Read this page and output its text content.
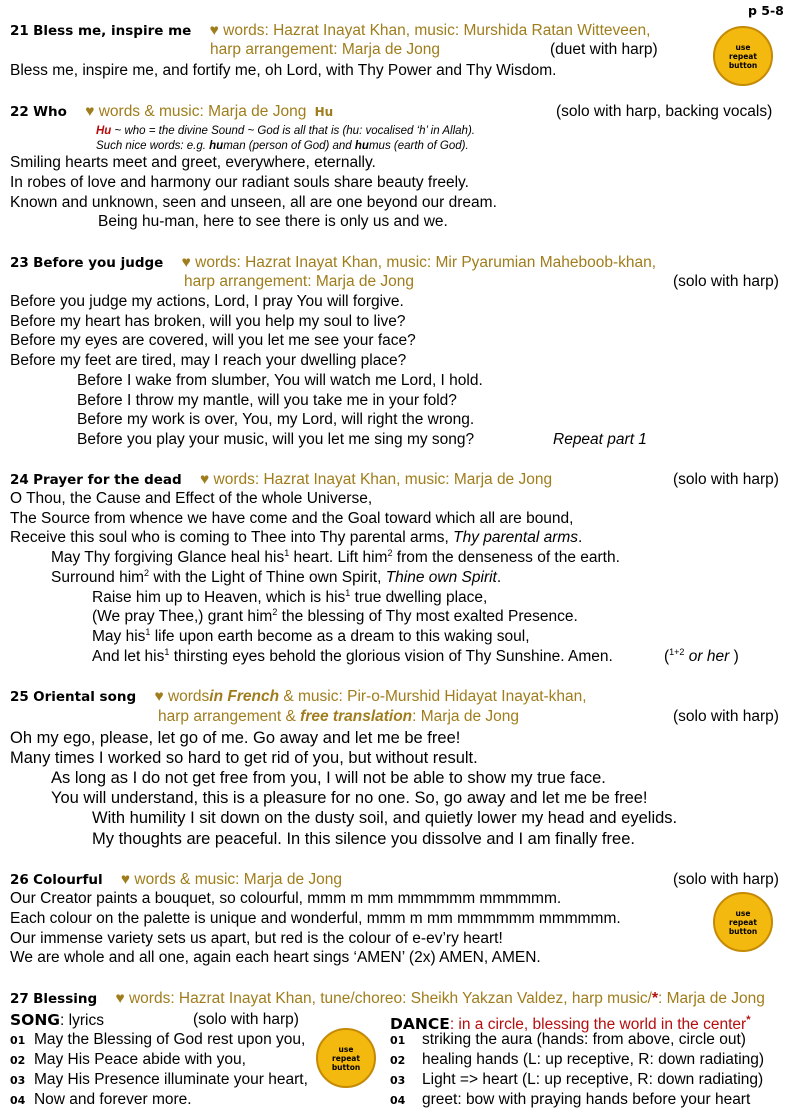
p 5-8
use repeat button
use repeat button
use repeat button
21 Bless me, inspire me ♥ words: Hazrat Inayat Khan, music: Murshida Ratan Witteveen,
harp arrangement: Marja de Jong	(duet with harp)
Bless me, inspire me, and fortify me, oh Lord, with Thy Power and Thy Wisdom.
22 Who ♥ words & music: Marja de Jong Hu	(solo with harp, backing vocals)
Hu ~ who = the divine Sound ~ God is all that is (hu: vocalised ‘h’ in Allah).
Such nice words: e.g. human (person of God) and humus (earth of God).
Smiling hearts meet and greet, everywhere, eternally.
In robes of love and harmony our radiant souls share beauty freely.
Known and unknown, seen and unseen, all are one beyond our dream.
Being hu-man, here to see there is only us and we.
23 Before you judge ♥ words: Hazrat Inayat Khan, music: Mir Pyarumian Maheboob-khan,
harp arrangement: Marja de Jong	(solo with harp)
Before you judge my actions, Lord, I pray You will forgive.
Before my heart has broken, will you help my soul to live?
Before my eyes are covered, will you let me see your face?
Before my feet are tired, may I reach your dwelling place?
Before I wake from slumber, You will watch me Lord, I hold.
Before I throw my mantle, will you take me in your fold?
Before my work is over, You, my Lord, will right the wrong.
Before you play your music, will you let me sing my song?	Repeat part 1
24 Prayer for the dead ♥ words: Hazrat Inayat Khan, music: Marja de Jong	(solo with harp)
O Thou, the Cause and Effect of the whole Universe,
The Source from whence we have come and the Goal toward which all are bound,
Receive this soul who is coming to Thee into Thy parental arms, Thy parental arms.
May Thy forgiving Glance heal his$^1$ heart. Lift him$^2$ from the denseness of the earth.
Surround him$^2$ with the Light of Thine own Spirit, Thine own Spirit.
Raise him up to Heaven, which is his$^1$ true dwelling place,
(We pray Thee,) grant him$^2$ the blessing of Thy most exalted Presence.
May his$^1$ life upon earth become as a dream to this waking soul,
And let his$^1$ thirsting eyes behold the glorious vision of Thy Sunshine. Amen.	($^{1+2}$ or her )
25 Oriental song ♥ wordsin French & music: Pir-o-Murshid Hidayat Inayat-khan,
harp arrangement & free translation: Marja de Jong	(solo with harp)
Oh my ego, please, let go of me. Go away and let me be free!
Many times I worked so hard to get rid of you, but without result.
As long as I do not get free from you, I will not be able to show my true face.
You will understand, this is a pleasure for no one. So, go away and let me be free!
With humility I sit down on the dusty soil, and quietly lower my head and eyelids.
My thoughts are peaceful. In this silence you dissolve and I am finally free.
26 Colourful ♥ words & music: Marja de Jong	(solo with harp)
Our Creator paints a bouquet, so colourful, mmm m mm mmmmmm mmmmmm.
Each colour on the palette is unique and wonderful, mmm m mm mmmmmm mmmmmm.
Our immense variety sets us apart, but red is the colour of e-ev’ry heart!
We are whole and all one, again each heart sings ‘AMEN’ (2x) AMEN, AMEN.
27 Blessing ♥ words: Hazrat Inayat Khan, tune/choreo: Sheikh Yakzan Valdez, harp music/*: Marja de Jong
SONG: lyrics	(solo with harp)	DANCE: in a circle, blessing the world in the center*
01 May the Blessing of God rest upon you,
02 May His Peace abide with you,
03 May His Presence illuminate your heart,
04 Now and forever more.
01 striking the aura (hands: from above, circle out)
02 healing hands (L: up receptive, R: down radiating)
03 Light => heart (L: up receptive, R: down radiating)
04 greet: bow with praying hands before your heart
